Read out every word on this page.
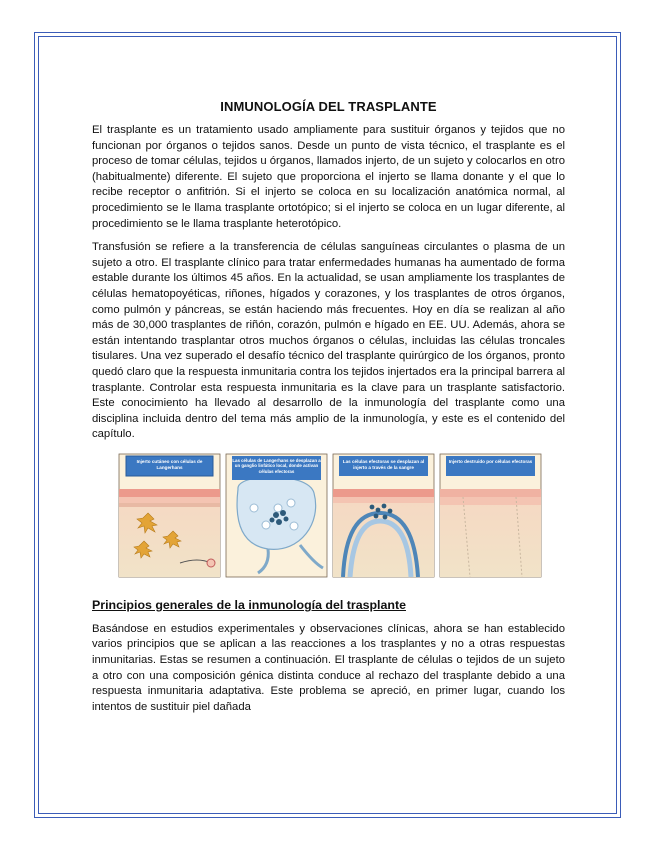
INMUNOLOGÍA DEL TRASPLANTE

El trasplante es un tratamiento usado ampliamente para sustituir órganos y tejidos que no funcionan por órganos o tejidos sanos. Desde un punto de vista técnico, el trasplante es el proceso de tomar células, tejidos u órganos, llamados injerto, de un sujeto y colocarlos en otro (habitualmente) diferente. El sujeto que proporciona el injerto se llama donante y el que lo recibe receptor o anfitrión. Si el injerto se coloca en su localización anatómica normal, al procedimiento se le llama trasplante ortotópico; si el injerto se coloca en un lugar diferente, al procedimiento se le llama trasplante heterotópico.

Transfusión se refiere a la transferencia de células sanguíneas circulantes o plasma de un sujeto a otro. El trasplante clínico para tratar enfermedades humanas ha aumentado de forma estable durante los últimos 45 años. En la actualidad, se usan ampliamente los trasplantes de células hematopoyéticas, riñones, hígados y corazones, y los trasplantes de otros órganos, como pulmón y páncreas, se están haciendo más frecuentes. Hoy en día se realizan al año más de 30,000 trasplantes de riñón, corazón, pulmón e hígado en EE. UU. Además, ahora se están intentando trasplantar otros muchos órganos o células, incluidas las células troncales tisulares. Una vez superado el desafío técnico del trasplante quirúrgico de los órganos, pronto quedó claro que la respuesta inmunitaria contra los tejidos injertados era la principal barrera al trasplante. Controlar esta respuesta inmunitaria es la clave para un trasplante satisfactorio. Este conocimiento ha llevado al desarrollo de la inmunología del trasplante como una disciplina incluida dentro del tema más amplio de la inmunología, y este es el contenido del capítulo.

Injerto cutáneo con células de Langerhans
Las células de Langerhans se desplazan a un ganglio linfático local, donde activan células efectoras
Las células efectoras se desplazan al injerto a través de la sangre
Injerto destruido por células efectoras
Principios generales de la inmunología del trasplante

Basándose en estudios experimentales y observaciones clínicas, ahora se han establecido varios principios que se aplican a las reacciones a los trasplantes y no a otras respuestas inmunitarias. Estas se resumen a continuación. El trasplante de células o tejidos de un sujeto a otro con una composición génica distinta conduce al rechazo del trasplante debido a una respuesta inmunitaria adaptativa. Este problema se apreció, en primer lugar, cuando los intentos de sustituir piel dañada
